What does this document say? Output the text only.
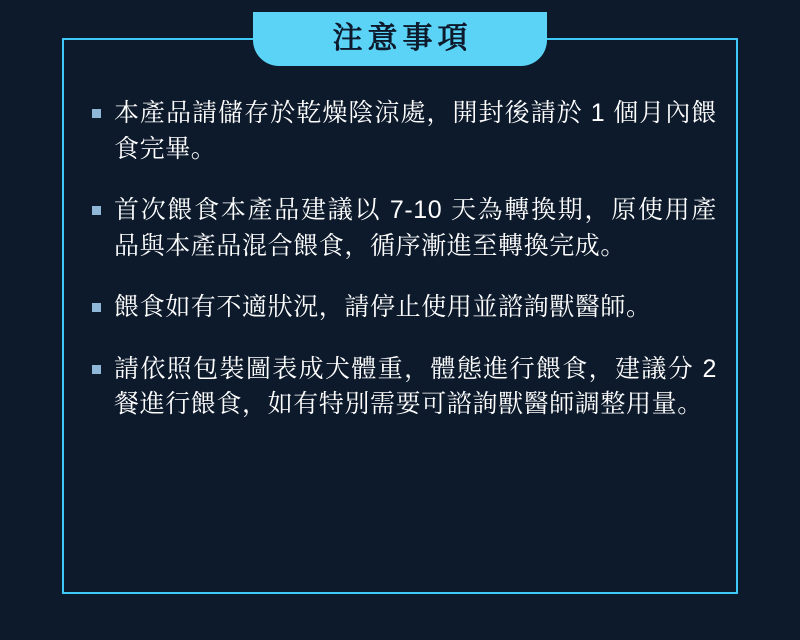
注意事項
本產品請儲存於乾燥陰涼處，開封後請於 1 個月內餵食完畢。
首次餵食本產品建議以 7-10 天為轉換期，原使用產品與本產品混合餵食，循序漸進至轉換完成。
餵食如有不適狀況，請停止使用並諮詢獸醫師。
請依照包裝圖表成犬體重，體態進行餵食，建議分 2 餐進行餵食，如有特別需要可諮詢獸醫師調整用量。
